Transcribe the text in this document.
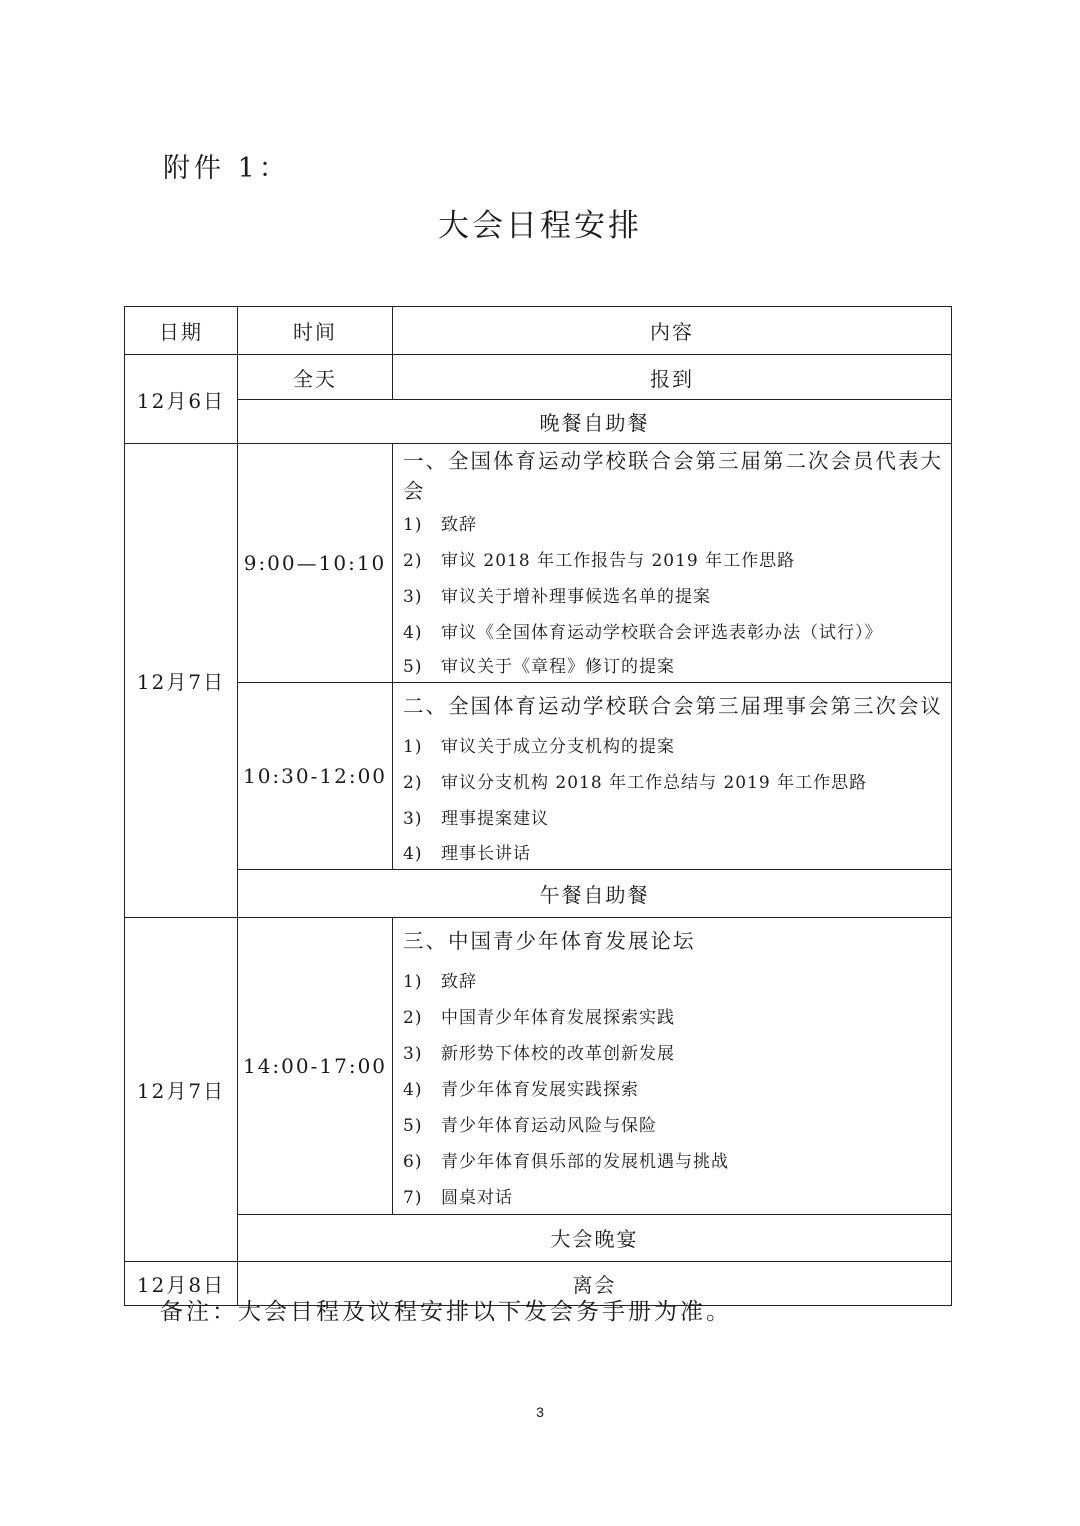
附件 1：
大会日程安排
日期	时间	内容
12月6日	全天	报到
	晚餐自助餐	
12月7日	9:00—10:10	一、全国体育运动学校联合会第三届第二次会员代表大会
		1) 致辞
		2) 审议 2018 年工作报告与 2019 年工作思路
		3) 审议关于增补理事候选名单的提案
		4) 审议《全国体育运动学校联合会评选表彰办法（试行）》
		5) 审议关于《章程》修订的提案
	10:30-12:00	二、全国体育运动学校联合会第三届理事会第三次会议
		1) 审议关于成立分支机构的提案
		2) 审议分支机构 2018 年工作总结与 2019 年工作思路
		3) 理事提案建议
		4) 理事长讲话
	午餐自助餐	
12月7日	14:00-17:00	三、中国青少年体育发展论坛
		1) 致辞
		2) 中国青少年体育发展探索实践
		3) 新形势下体校的改革创新发展
		4) 青少年体育发展实践探索
		5) 青少年体育运动风险与保险
		6) 青少年体育俱乐部的发展机遇与挑战
		7) 圆桌对话
	大会晚宴	
12月8日	离会	
备注：大会日程及议程安排以下发会务手册为准。
3
